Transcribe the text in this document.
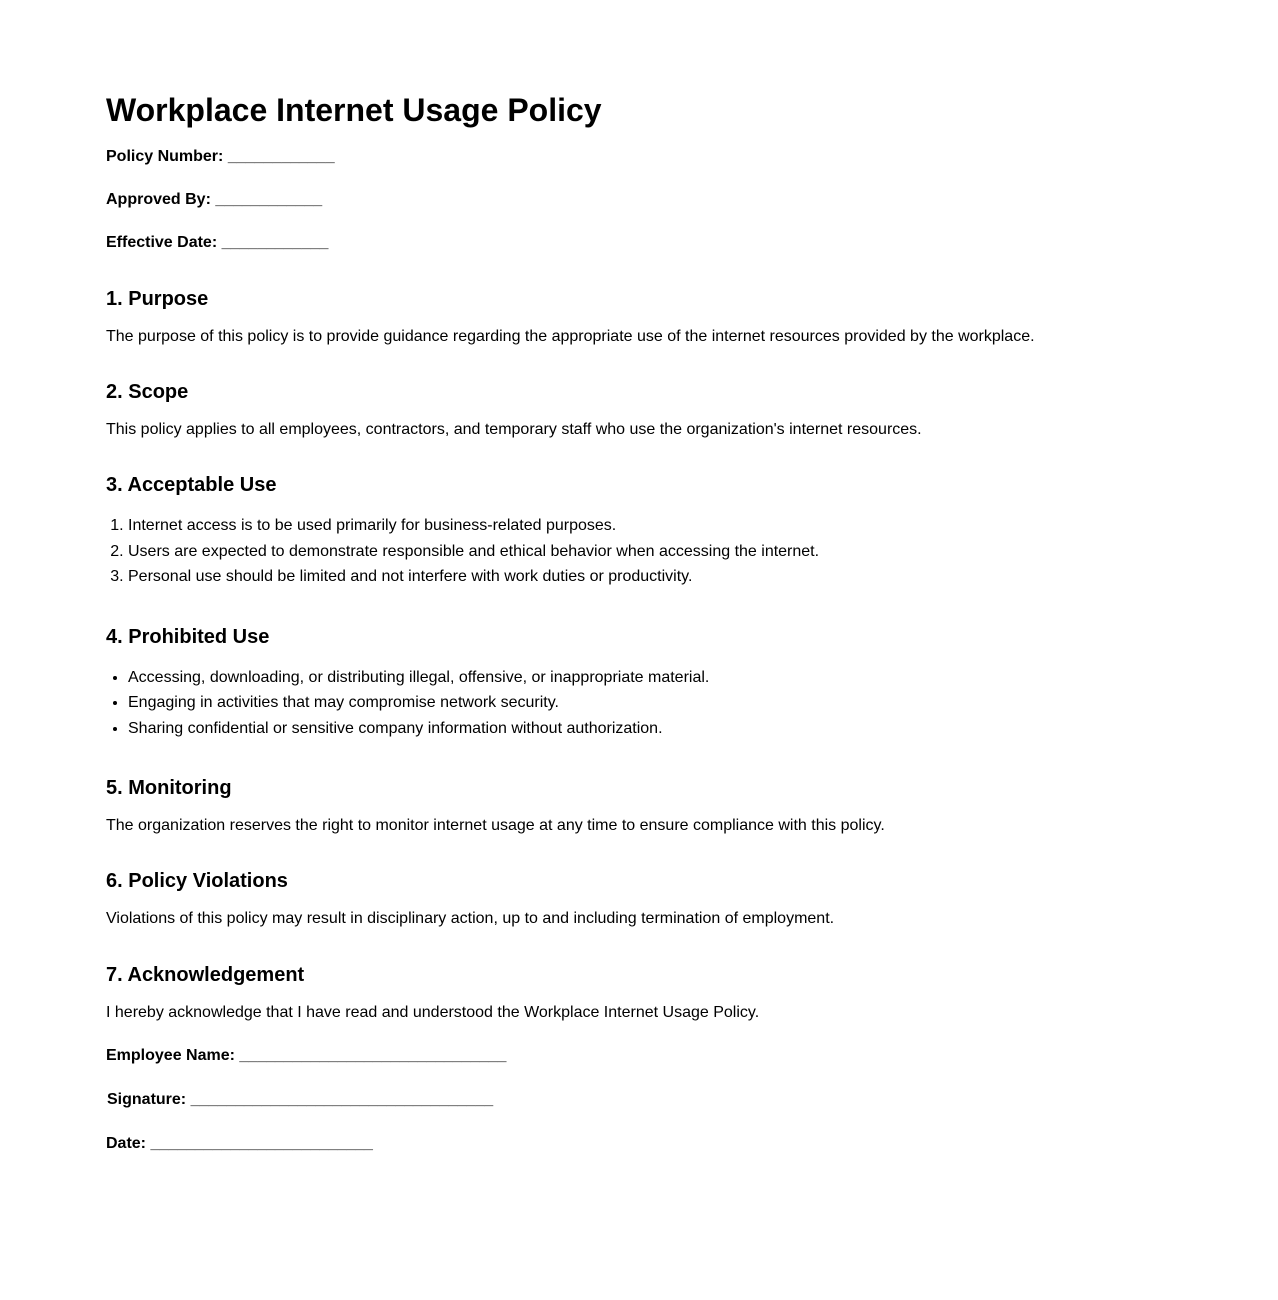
Workplace Internet Usage Policy

Policy Number: ____________

Approved By: ____________

Effective Date: ____________

1. Purpose

The purpose of this policy is to provide guidance regarding the appropriate use of the internet resources provided by the workplace.

2. Scope

This policy applies to all employees, contractors, and temporary staff who use the organization's internet resources.

3. Acceptable Use
1. Internet access is to be used primarily for business-related purposes.
2. Users are expected to demonstrate responsible and ethical behavior when accessing the internet.
3. Personal use should be limited and not interfere with work duties or productivity.
4. Prohibited Use
• Accessing, downloading, or distributing illegal, offensive, or inappropriate material.
• Engaging in activities that may compromise network security.
• Sharing confidential or sensitive company information without authorization.
5. Monitoring

The organization reserves the right to monitor internet usage at any time to ensure compliance with this policy.

6. Policy Violations

Violations of this policy may result in disciplinary action, up to and including termination of employment.

7. Acknowledgement

I hereby acknowledge that I have read and understood the Workplace Internet Usage Policy.

Employee Name: ______________________________

Signature: __________________________________

Date: _________________________
